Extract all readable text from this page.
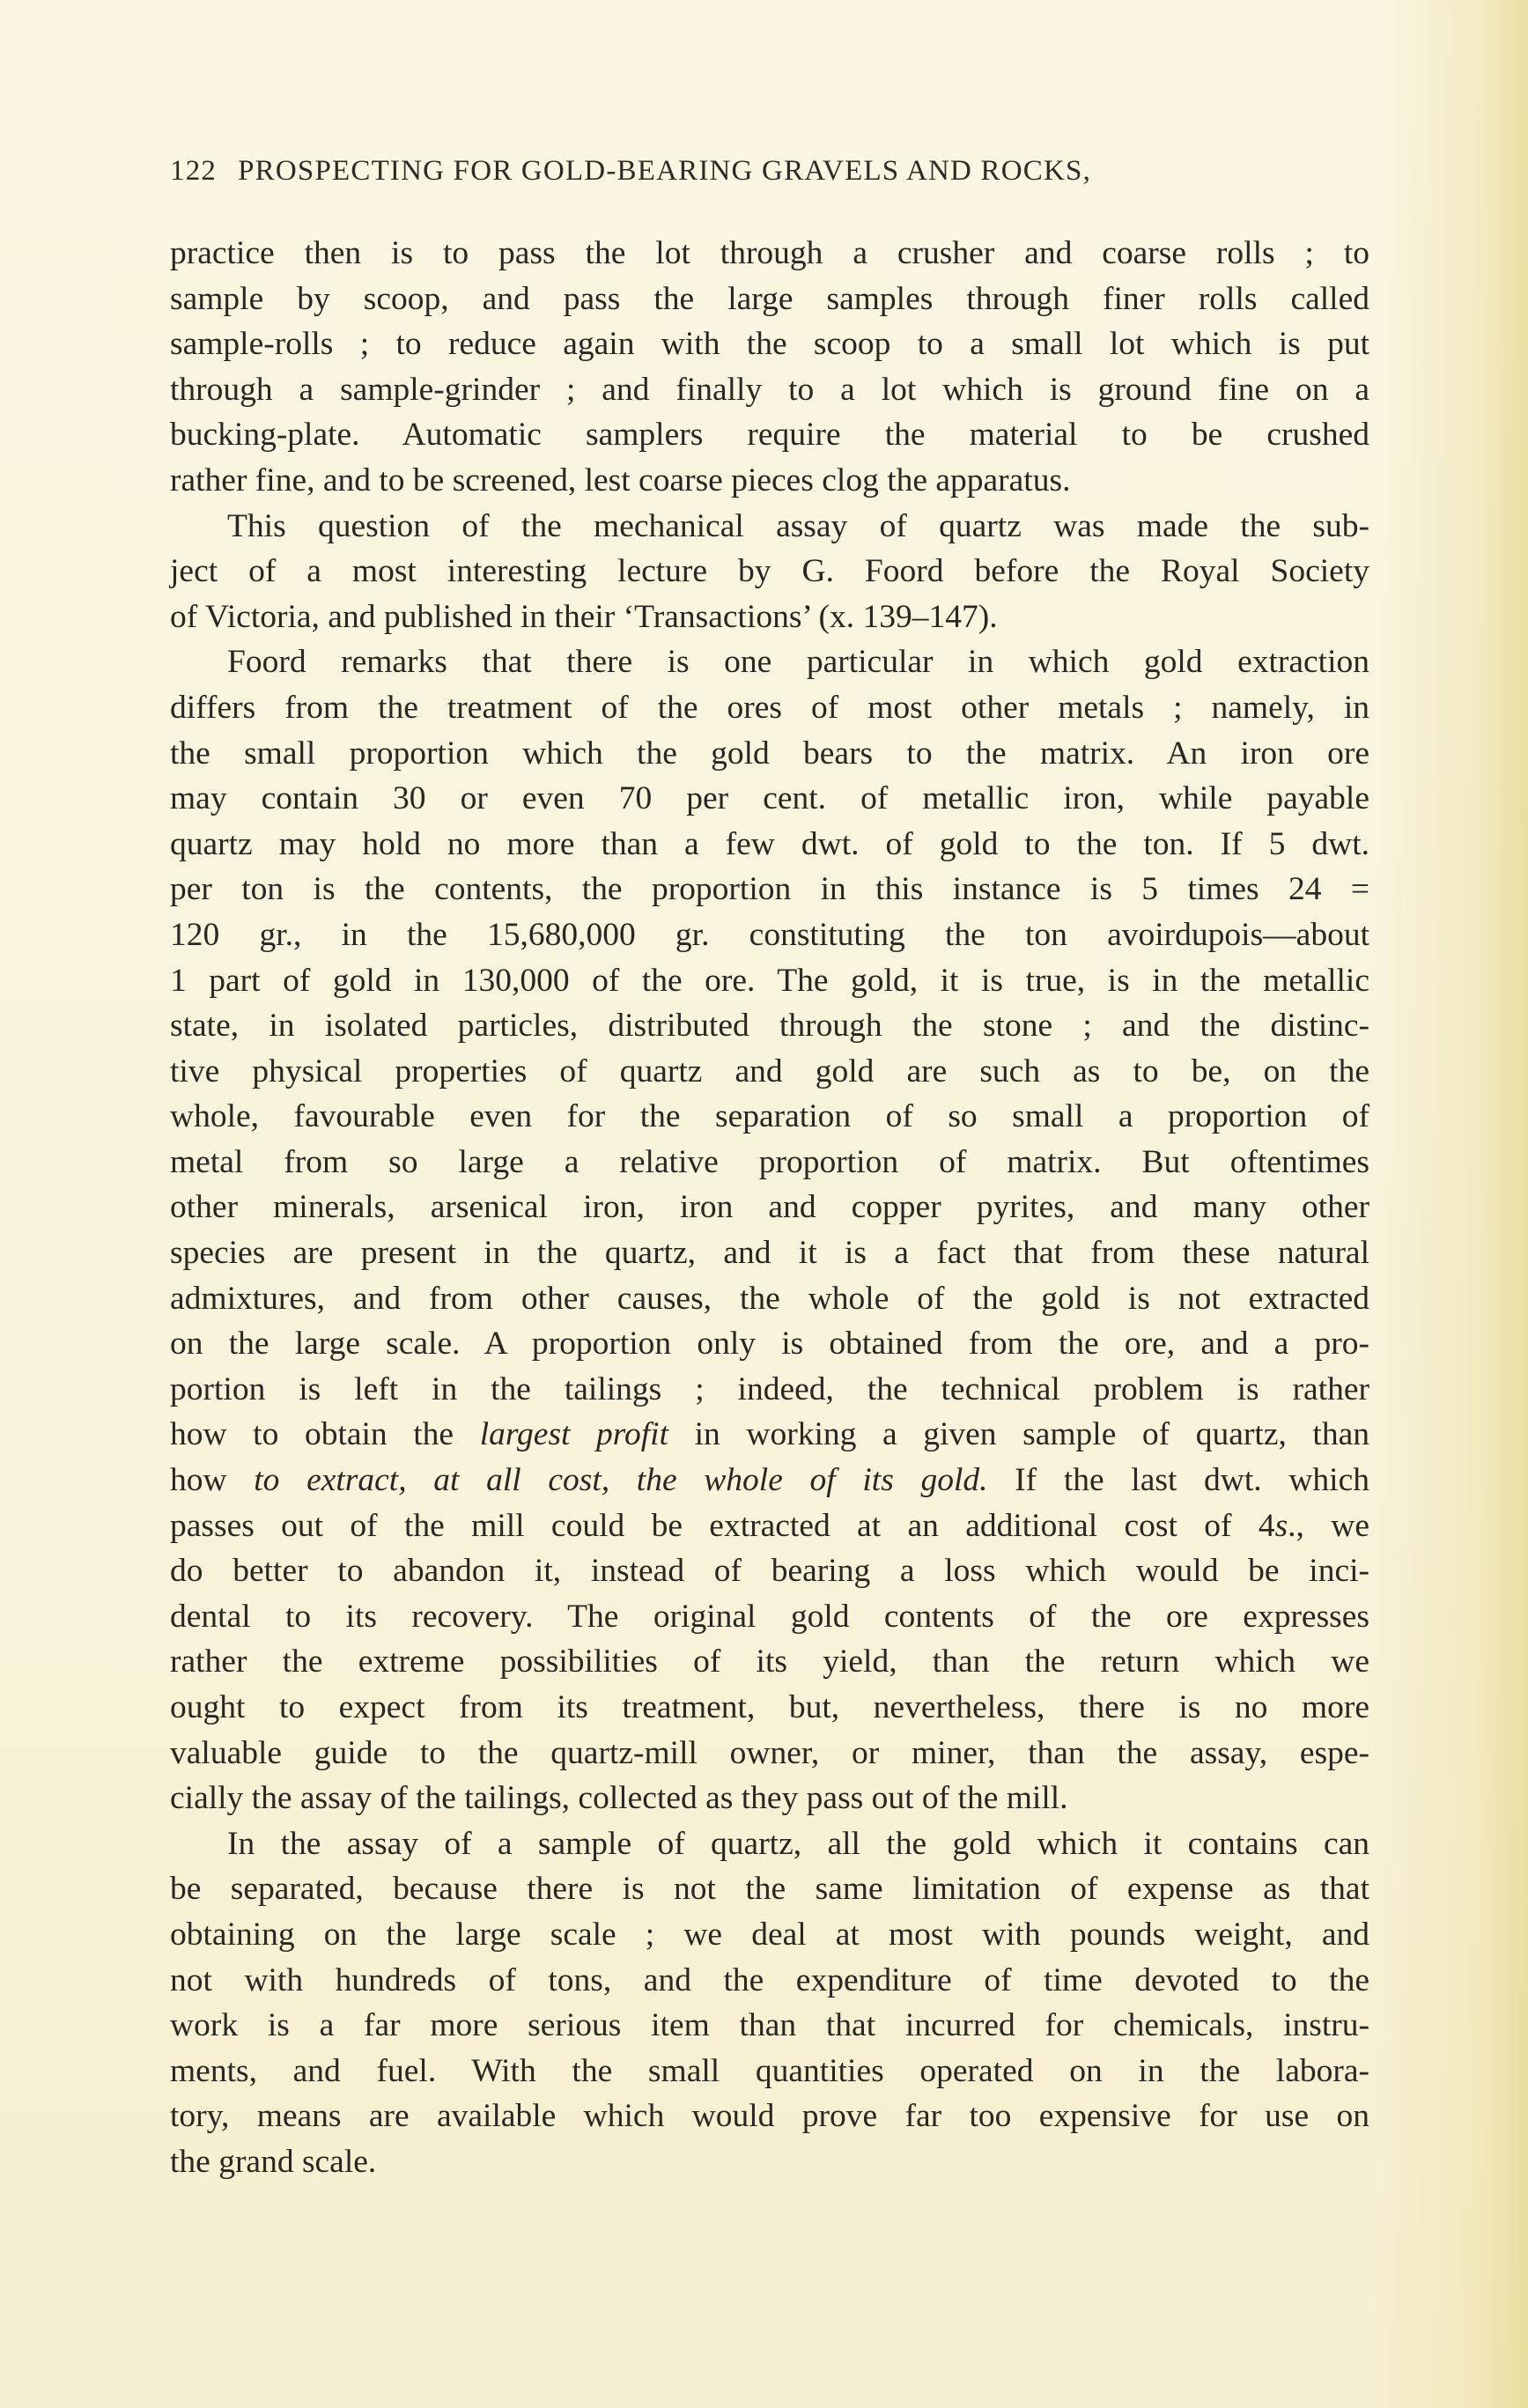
122 PROSPECTING FOR GOLD-BEARING GRAVELS AND ROCKS,
practice then is to pass the lot through a crusher and coarse rolls ; to
sample by scoop, and pass the large samples through finer rolls called
sample-rolls ; to reduce again with the scoop to a small lot which is put
through a sample-grinder ; and finally to a lot which is ground fine on a
bucking-plate. Automatic samplers require the material to be crushed
rather fine, and to be screened, lest coarse pieces clog the apparatus.
This question of the mechanical assay of quartz was made the sub-
ject of a most interesting lecture by G. Foord before the Royal Society
of Victoria, and published in their ‘Transactions’ (x. 139–147).
Foord remarks that there is one particular in which gold extraction
differs from the treatment of the ores of most other metals ; namely, in
the small proportion which the gold bears to the matrix. An iron ore
may contain 30 or even 70 per cent. of metallic iron, while payable
quartz may hold no more than a few dwt. of gold to the ton. If 5 dwt.
per ton is the contents, the proportion in this instance is 5 times 24 =
120 gr., in the 15,680,000 gr. constituting the ton avoirdupois—about
1 part of gold in 130,000 of the ore. The gold, it is true, is in the metallic
state, in isolated particles, distributed through the stone ; and the distinc-
tive physical properties of quartz and gold are such as to be, on the
whole, favourable even for the separation of so small a proportion of
metal from so large a relative proportion of matrix. But oftentimes
other minerals, arsenical iron, iron and copper pyrites, and many other
species are present in the quartz, and it is a fact that from these natural
admixtures, and from other causes, the whole of the gold is not extracted
on the large scale. A proportion only is obtained from the ore, and a pro-
portion is left in the tailings ; indeed, the technical problem is rather
how to obtain the largest profit in working a given sample of quartz, than
how to extract, at all cost, the whole of its gold. If the last dwt. which
passes out of the mill could be extracted at an additional cost of 4s., we
do better to abandon it, instead of bearing a loss which would be inci-
dental to its recovery. The original gold contents of the ore expresses
rather the extreme possibilities of its yield, than the return which we
ought to expect from its treatment, but, nevertheless, there is no more
valuable guide to the quartz-mill owner, or miner, than the assay, espe-
cially the assay of the tailings, collected as they pass out of the mill.
In the assay of a sample of quartz, all the gold which it contains can
be separated, because there is not the same limitation of expense as that
obtaining on the large scale ; we deal at most with pounds weight, and
not with hundreds of tons, and the expenditure of time devoted to the
work is a far more serious item than that incurred for chemicals, instru-
ments, and fuel. With the small quantities operated on in the labora-
tory, means are available which would prove far too expensive for use on
the grand scale.
